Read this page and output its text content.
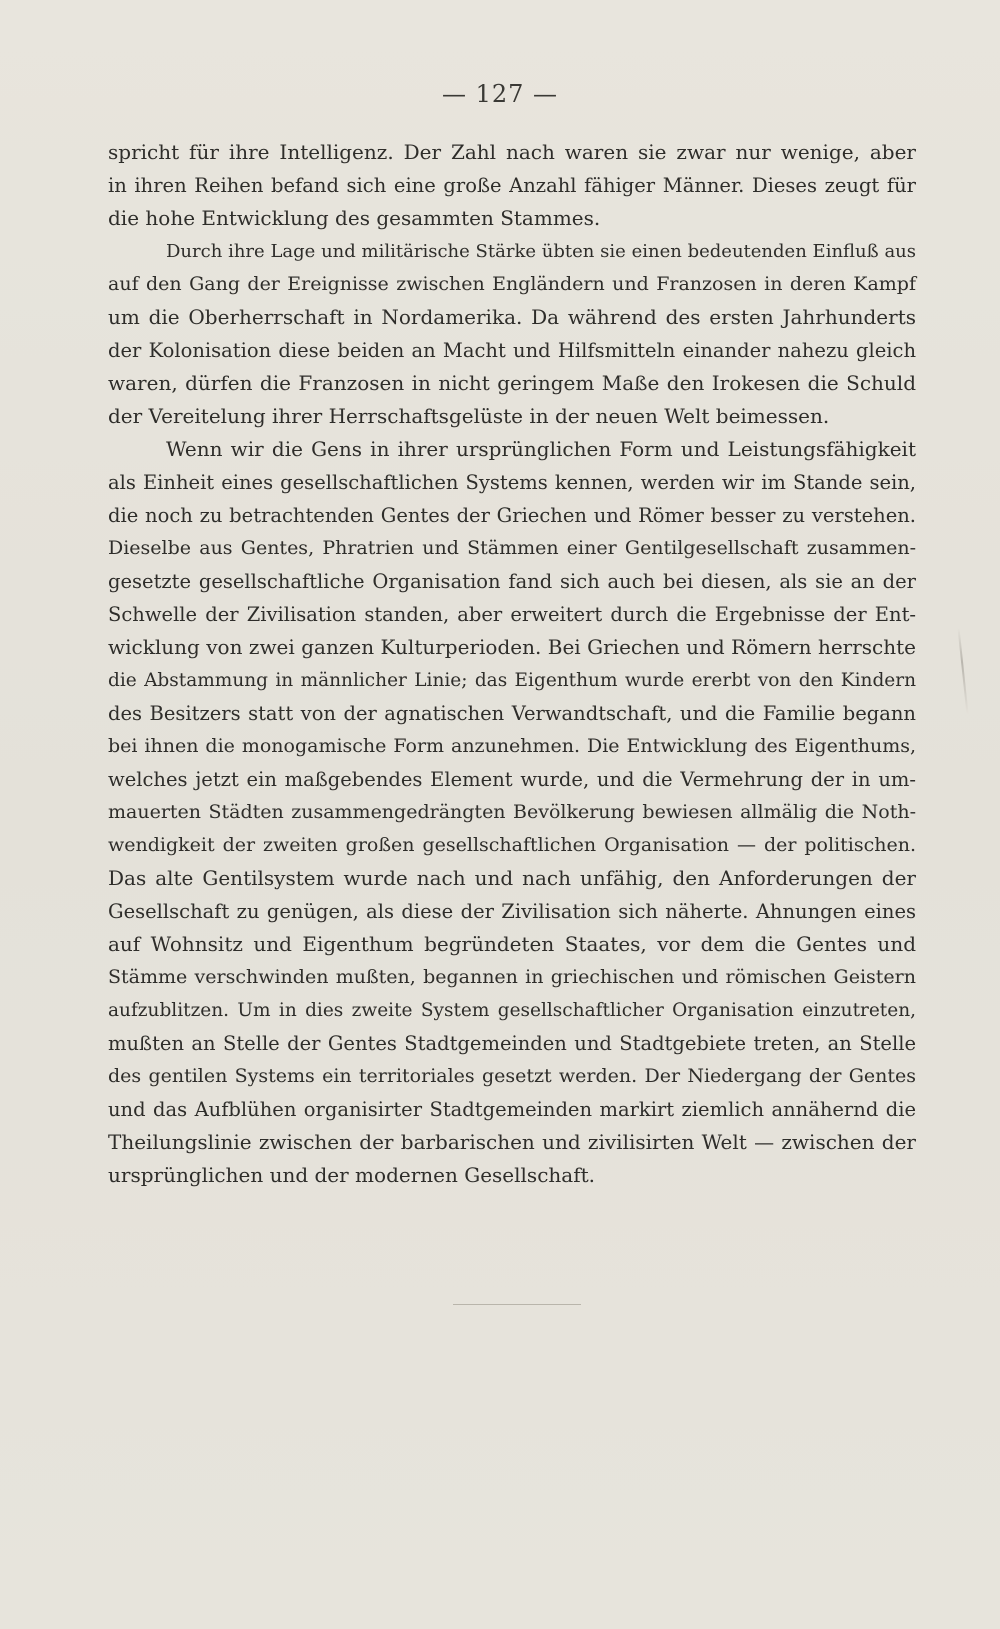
— 127 —
spricht für ihre Intelligenz. Der Zahl nach waren sie zwar nur wenige, aber
in ihren Reihen befand sich eine große Anzahl fähiger Männer. Dieses zeugt für
die hohe Entwicklung des gesammten Stammes.
Durch ihre Lage und militärische Stärke übten sie einen bedeutenden Einfluß aus
auf den Gang der Ereignisse zwischen Engländern und Franzosen in deren Kampf
um die Oberherrschaft in Nordamerika. Da während des ersten Jahrhunderts
der Kolonisation diese beiden an Macht und Hilfsmitteln einander nahezu gleich
waren, dürfen die Franzosen in nicht geringem Maße den Irokesen die Schuld
der Vereitelung ihrer Herrschaftsgelüste in der neuen Welt beimessen.
Wenn wir die Gens in ihrer ursprünglichen Form und Leistungsfähigkeit
als Einheit eines gesellschaftlichen Systems kennen, werden wir im Stande sein,
die noch zu betrachtenden Gentes der Griechen und Römer besser zu verstehen.
Dieselbe aus Gentes, Phratrien und Stämmen einer Gentilgesellschaft zusammen-
gesetzte gesellschaftliche Organisation fand sich auch bei diesen, als sie an der
Schwelle der Zivilisation standen, aber erweitert durch die Ergebnisse der Ent-
wicklung von zwei ganzen Kulturperioden. Bei Griechen und Römern herrschte
die Abstammung in männlicher Linie; das Eigenthum wurde ererbt von den Kindern
des Besitzers statt von der agnatischen Verwandtschaft, und die Familie begann
bei ihnen die monogamische Form anzunehmen. Die Entwicklung des Eigenthums,
welches jetzt ein maßgebendes Element wurde, und die Vermehrung der in um-
mauerten Städten zusammengedrängten Bevölkerung bewiesen allmälig die Noth-
wendigkeit der zweiten großen gesellschaftlichen Organisation — der politischen.
Das alte Gentilsystem wurde nach und nach unfähig, den Anforderungen der
Gesellschaft zu genügen, als diese der Zivilisation sich näherte. Ahnungen eines
auf Wohnsitz und Eigenthum begründeten Staates, vor dem die Gentes und
Stämme verschwinden mußten, begannen in griechischen und römischen Geistern
aufzublitzen. Um in dies zweite System gesellschaftlicher Organisation einzutreten,
mußten an Stelle der Gentes Stadtgemeinden und Stadtgebiete treten, an Stelle
des gentilen Systems ein territoriales gesetzt werden. Der Niedergang der Gentes
und das Aufblühen organisirter Stadtgemeinden markirt ziemlich annähernd die
Theilungslinie zwischen der barbarischen und zivilisirten Welt — zwischen der
ursprünglichen und der modernen Gesellschaft.
